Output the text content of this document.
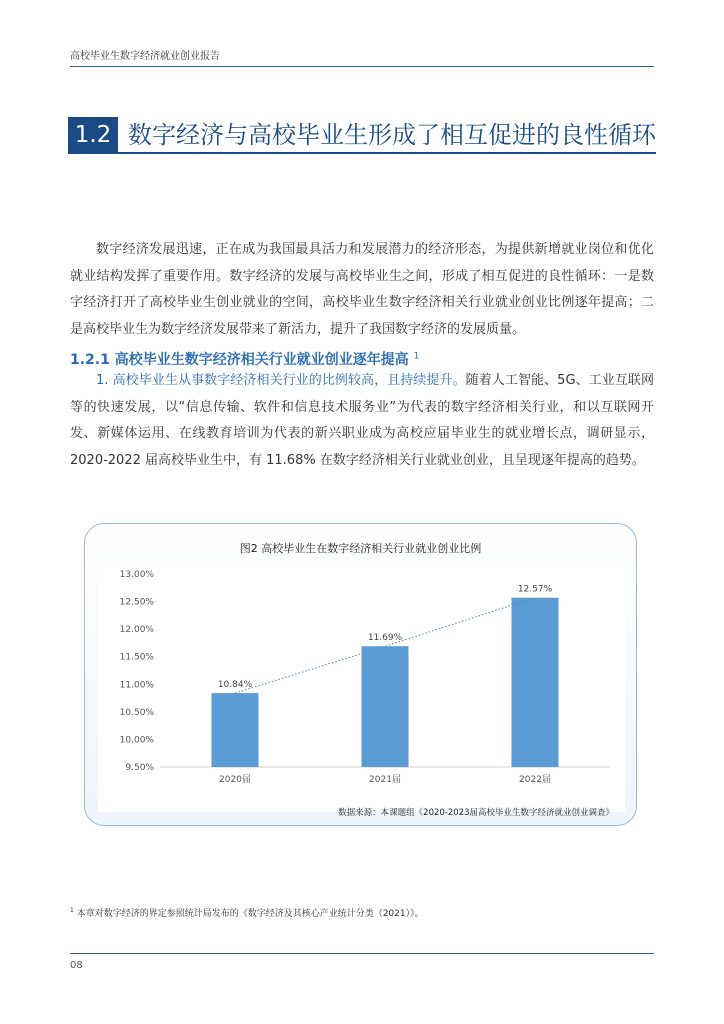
高校毕业生数字经济就业创业报告
1.2 数字经济与高校毕业生形成了相互促进的良性循环

数字经济发展迅速，正在成为我国最具活力和发展潜力的经济形态，为提供新增就业岗位和优化就业结构发挥了重要作用。数字经济的发展与高校毕业生之间，形成了相互促进的良性循环：一是数字经济打开了高校毕业生创业就业的空间，高校毕业生数字经济相关行业就业创业比例逐年提高；二是高校毕业生为数字经济发展带来了新活力，提升了我国数字经济的发展质量。

1.2.1 高校毕业生数字经济相关行业就业创业逐年提高 $^1$

1. 高校毕业生从事数字经济相关行业的比例较高，且持续提升。随着人工智能、5G、工业互联网等的快速发展，以“信息传输、软件和信息技术服务业”为代表的数字经济相关行业，和以互联网开发、新媒体运用、在线教育培训为代表的新兴职业成为高校应届毕业生的就业增长点，调研显示，2020-2022 届高校毕业生中，有 11.68% 在数字经济相关行业就业创业，且呈现逐年提高的趋势。

图2 高校毕业生在数字经济相关行业就业创业比例
9.50%
10.00%
10.50%
11.00%
11.50%
12.00%
12.50%
13.00%
10.84%
11.69%
12.57%
2020届	2021届	2022届
数据来源：本课题组《2020-2023届高校毕业生数字经济就业创业调查》
$^1$ 本章对数字经济的界定参照统计局发布的《数字经济及其核心产业统计分类（2021）》。
08
